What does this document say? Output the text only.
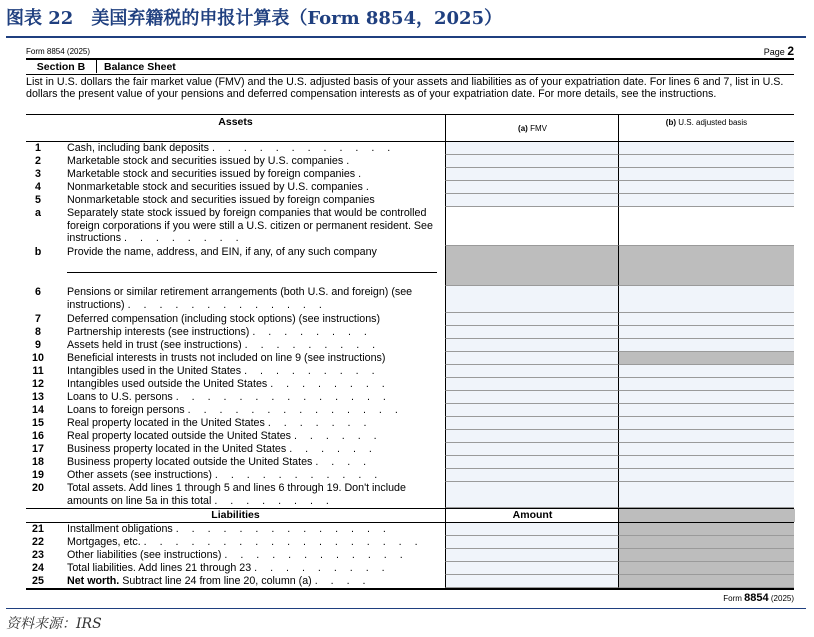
图表 22　美国弃籍税的申报计算表（Form 8854，2025）
Form 8854 (2025)	Page 2
Section B	Balance Sheet
List in U.S. dollars the fair market value (FMV) and the U.S. adjusted basis of your assets and liabilities as of your expatriation date. For lines 6 and 7, list in U.S. dollars the present value of your pensions and deferred compensation interests as of your expatriation date. For more details, see the instructions.
Assets
(a) FMV
(b) U.S. adjusted basis
1	Cash, including bank deposits . . . . . . . . . . . .
2	Marketable stock and securities issued by U.S. companies .
3	Marketable stock and securities issued by foreign companies .
4	Nonmarketable stock and securities issued by U.S. companies .
5	Nonmarketable stock and securities issued by foreign companies
a	Separately state stock issued by foreign companies that would be controlled foreign corporations if you were still a U.S. citizen or permanent resident. See instructions . . . . . . . .
b	Provide the name, address, and EIN, if any, of any such company
6	Pensions or similar retirement arrangements (both U.S. and foreign) (see instructions) . . . . . . . . . . . . .
7	Deferred compensation (including stock options) (see instructions)
8	Partnership interests (see instructions) . . . . . . . .
9	Assets held in trust (see instructions) . . . . . . . . .
10	Beneficial interests in trusts not included on line 9 (see instructions)
11	Intangibles used in the United States . . . . . . . . .
12	Intangibles used outside the United States . . . . . . . .
13	Loans to U.S. persons . . . . . . . . . . . . . .
14	Loans to foreign persons . . . . . . . . . . . . . .
15	Real property located in the United States . . . . . . .
16	Real property located outside the United States . . . . . .
17	Business property located in the United States . . . . . .
18	Business property located outside the United States . . . .
19	Other assets (see instructions) . . . . . . . . . . .
20	Total assets. Add lines 1 through 5 and lines 6 through 19. Don't include amounts on line 5a in this total . . . . . . . .
Liabilities	Amount
21	Installment obligations . . . . . . . . . . . . . .
22	Mortgages, etc. . . . . . . . . . . . . . . . . . .
23	Other liabilities (see instructions) . . . . . . . . . . . .
24	Total liabilities. Add lines 21 through 23 . . . . . . . . .
25	Net worth. Subtract line 24 from line 20, column (a) . . . .
Form 8854 (2025)
资料来源：IRS
